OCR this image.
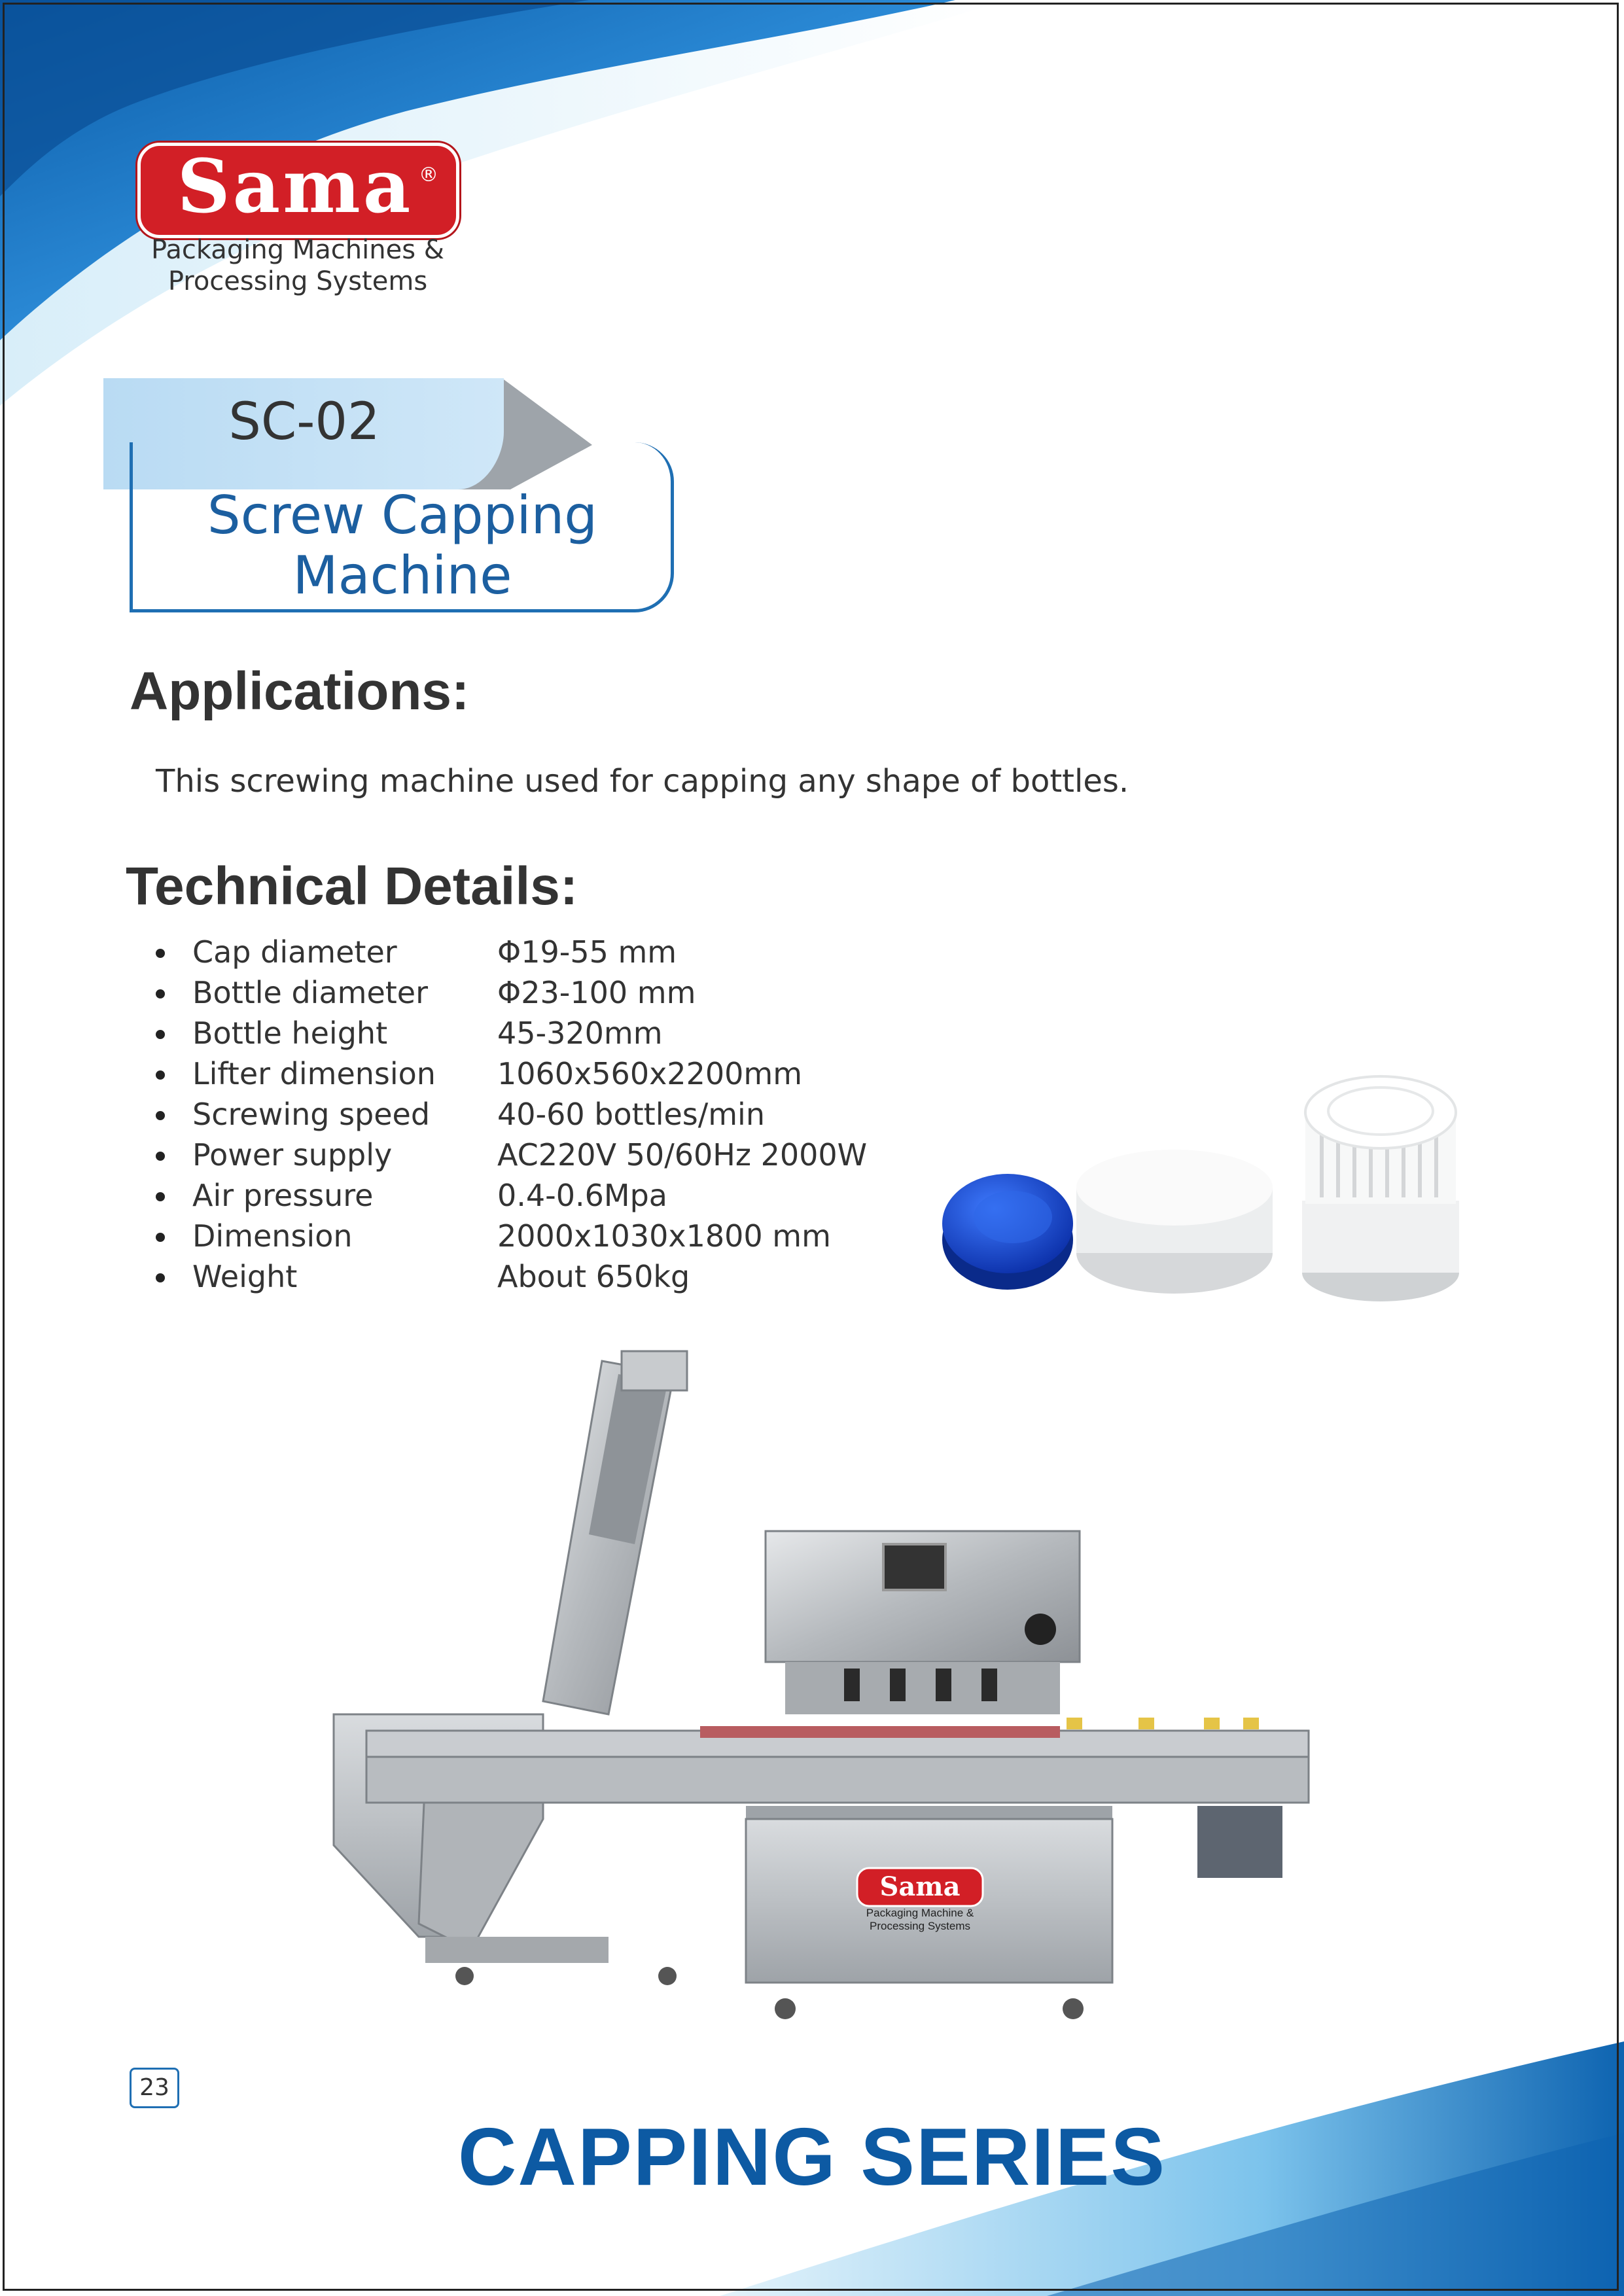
Sama ®
Packaging Machines &
Processing Systems
SC-02
Screw Capping
Machine
Applications:
This screwing machine used for capping any shape of bottles.
Technical Details:
Cap diameter	Φ19-55 mm
Bottle diameter Φ23-100 mm
Bottle height	45-320mm
Lifter dimension 1060x560x2200mm
Screwing speed 40-60 bottles/min
Power supply	AC220V 50/60Hz 2000W
Air pressure	0.4-0.6Mpa
Dimension	2000x1030x1800 mm
Weight	About 650kg
Sama
Packaging Machine &
Processing Systems
23
CAPPING SERIES
